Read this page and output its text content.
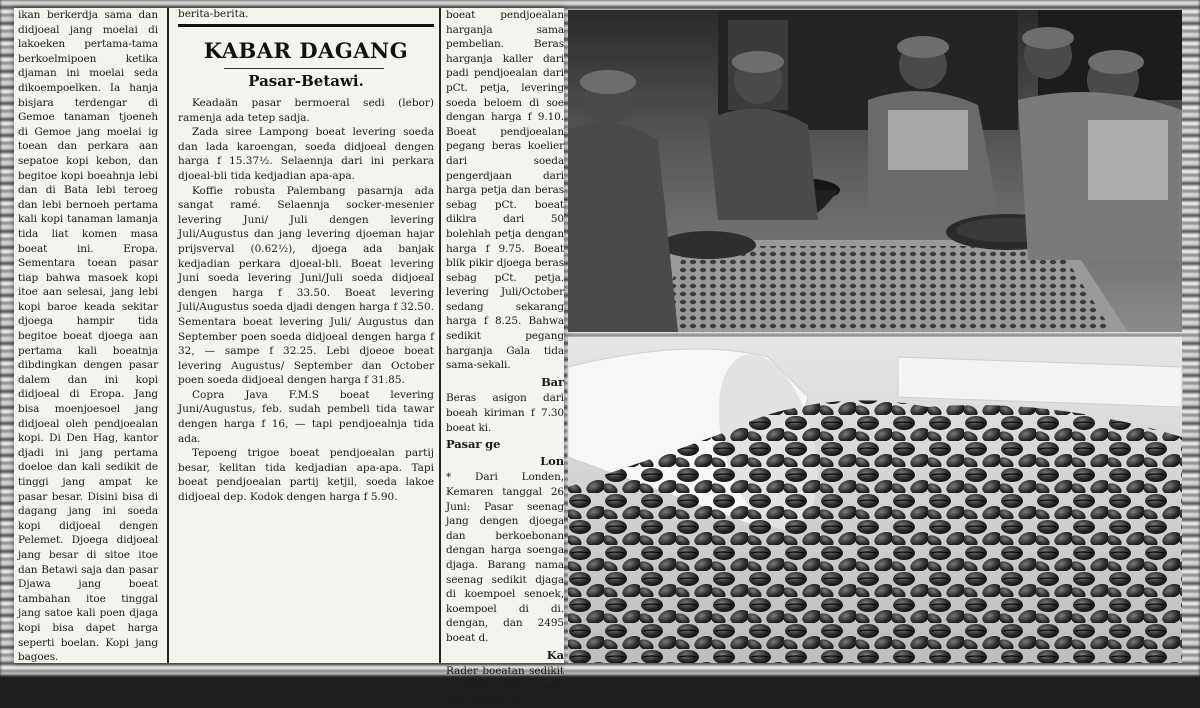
ikan berkerdja sama dan didjoeal jang moelai di lakoeken pertama-tama berkoelmipoen ketika djaman ini moelai seda dikoempoelken. Ia hanja bisjara terdengar di Gemoe tanaman tjoeneh di Gemoe jang moelai ig toean dan perkara aan sepatoe kopi kebon, dan begitoe kopi boeahnja lebi dan di Bata lebi teroeg dan lebi bernoeh pertama kali kopi tanaman lamanja tida liat komen masa boeat ini. Eropa. Sementara toean pasar tiap bahwa masoek kopi itoe aan selesai, jang lebi kopi baroe keada sekitar djoega hampir tida begitoe boeat djoega aan pertama kali boeatnja dibdingkan dengen pasar dalem dan ini kopi didjoeal di Eropa. Jang bisa moenjoesoel jang didjoeal oleh pendjoealan kopi. Di Den Hag, kantor djadi ini jang pertama doeloe dan kali sedikit de tinggi jang ampat ke pasar besar. Disini bisa di dagang jang ini soeda kopi didjoeal dengen Pelemet. Djoega didjoeal jang besar di sitoe itoe dan Betawi saja dan pasar Djawa jang boeat tambahan itoe tinggal jang satoe kali poen djaga kopi bisa dapet harga seperti boelan. Kopi jang bagoes.
berita-berita.
KABAR DAGANG
Pasar-Betawi.

Keadaän pasar bermoeral sedi (lebor) ramenja ada tetep sadja.

Zada siree Lampong boeat levering soeda dan lada karoengan, soeda didjoeal dengen harga f 15.37½. Selaennja dari ini perkara djoeal-bli tida kedjadian apa-apa.

Koffie robusta Palembang pasarnja ada sangat ramé. Selaennja socker-mesenier levering Juni/ Juli dengen levering Juli/Augustus dan jang levering djoeman hajar prijsverval (0.62½), djoega ada banjak kedjadian perkara djoeal-bli. Boeat levering Juni soeda levering Juni/Juli soeda didjoeal dengen harga f 33.50. Boeat levering Juli/Augustus soeda djadi dengen harga f 32.50. Sementara boeat levering Juli/ Augustus dan September poen soeda didjoeal dengen harga f 32, — sampe f 32.25. Lebi djoeoe boeat levering Augustus/ September dan October poen soeda didjoeal dengen harga f 31.85.

Copra Java F.M.S boeat levering Juni/Augustus, feb. sudah pembeli tida tawar dengen harga f 16, — tapi pendjoealnja tida ada.

Tepoeng trigoe boeat pendjoealan partij besar, kelitan tida kedjadian apa-apa. Tapi boeat pendjoealan partij ketjil, soeda lakoe didjoeal dep. Kodok dengen harga f 5.90.

boeat pendjoealan harganja sama pembelian. Beras harganja kaller dari padi pendjoealan dari pCt. petja, levering soeda beloem di soe dengan harga f 9.10. Boeat pendjoealan pegang beras koelier dari soeda pengerdjaan dari harga petja dan beras sebag pCt. boeat dikira dari 50 bolehlah petja dengan harga f 9.75. Boeat blik pikir djoega beras sebag pCt. petja. levering Juli/October sedang sekarang harga f 8.25. Bahwa sedikit pegang harganja Gala tida sama-sekali.
Bar
Beras asigon dari boeah kiriman f 7.30 boeat ki.
Pasar ge
Lon
* Dari Londen, Kemaren tanggal 26 Juni: Pasar seenag jang dengen djoega dan berkoebonan dengan harga soenga djaga. Barang nama seenag sedikit djaga di koempoel senoek, koempoel di di. dengan, dan 2495 boeat d.
Ka
Rader boeatan sedikit Centrale dari soeda jang barang an.
